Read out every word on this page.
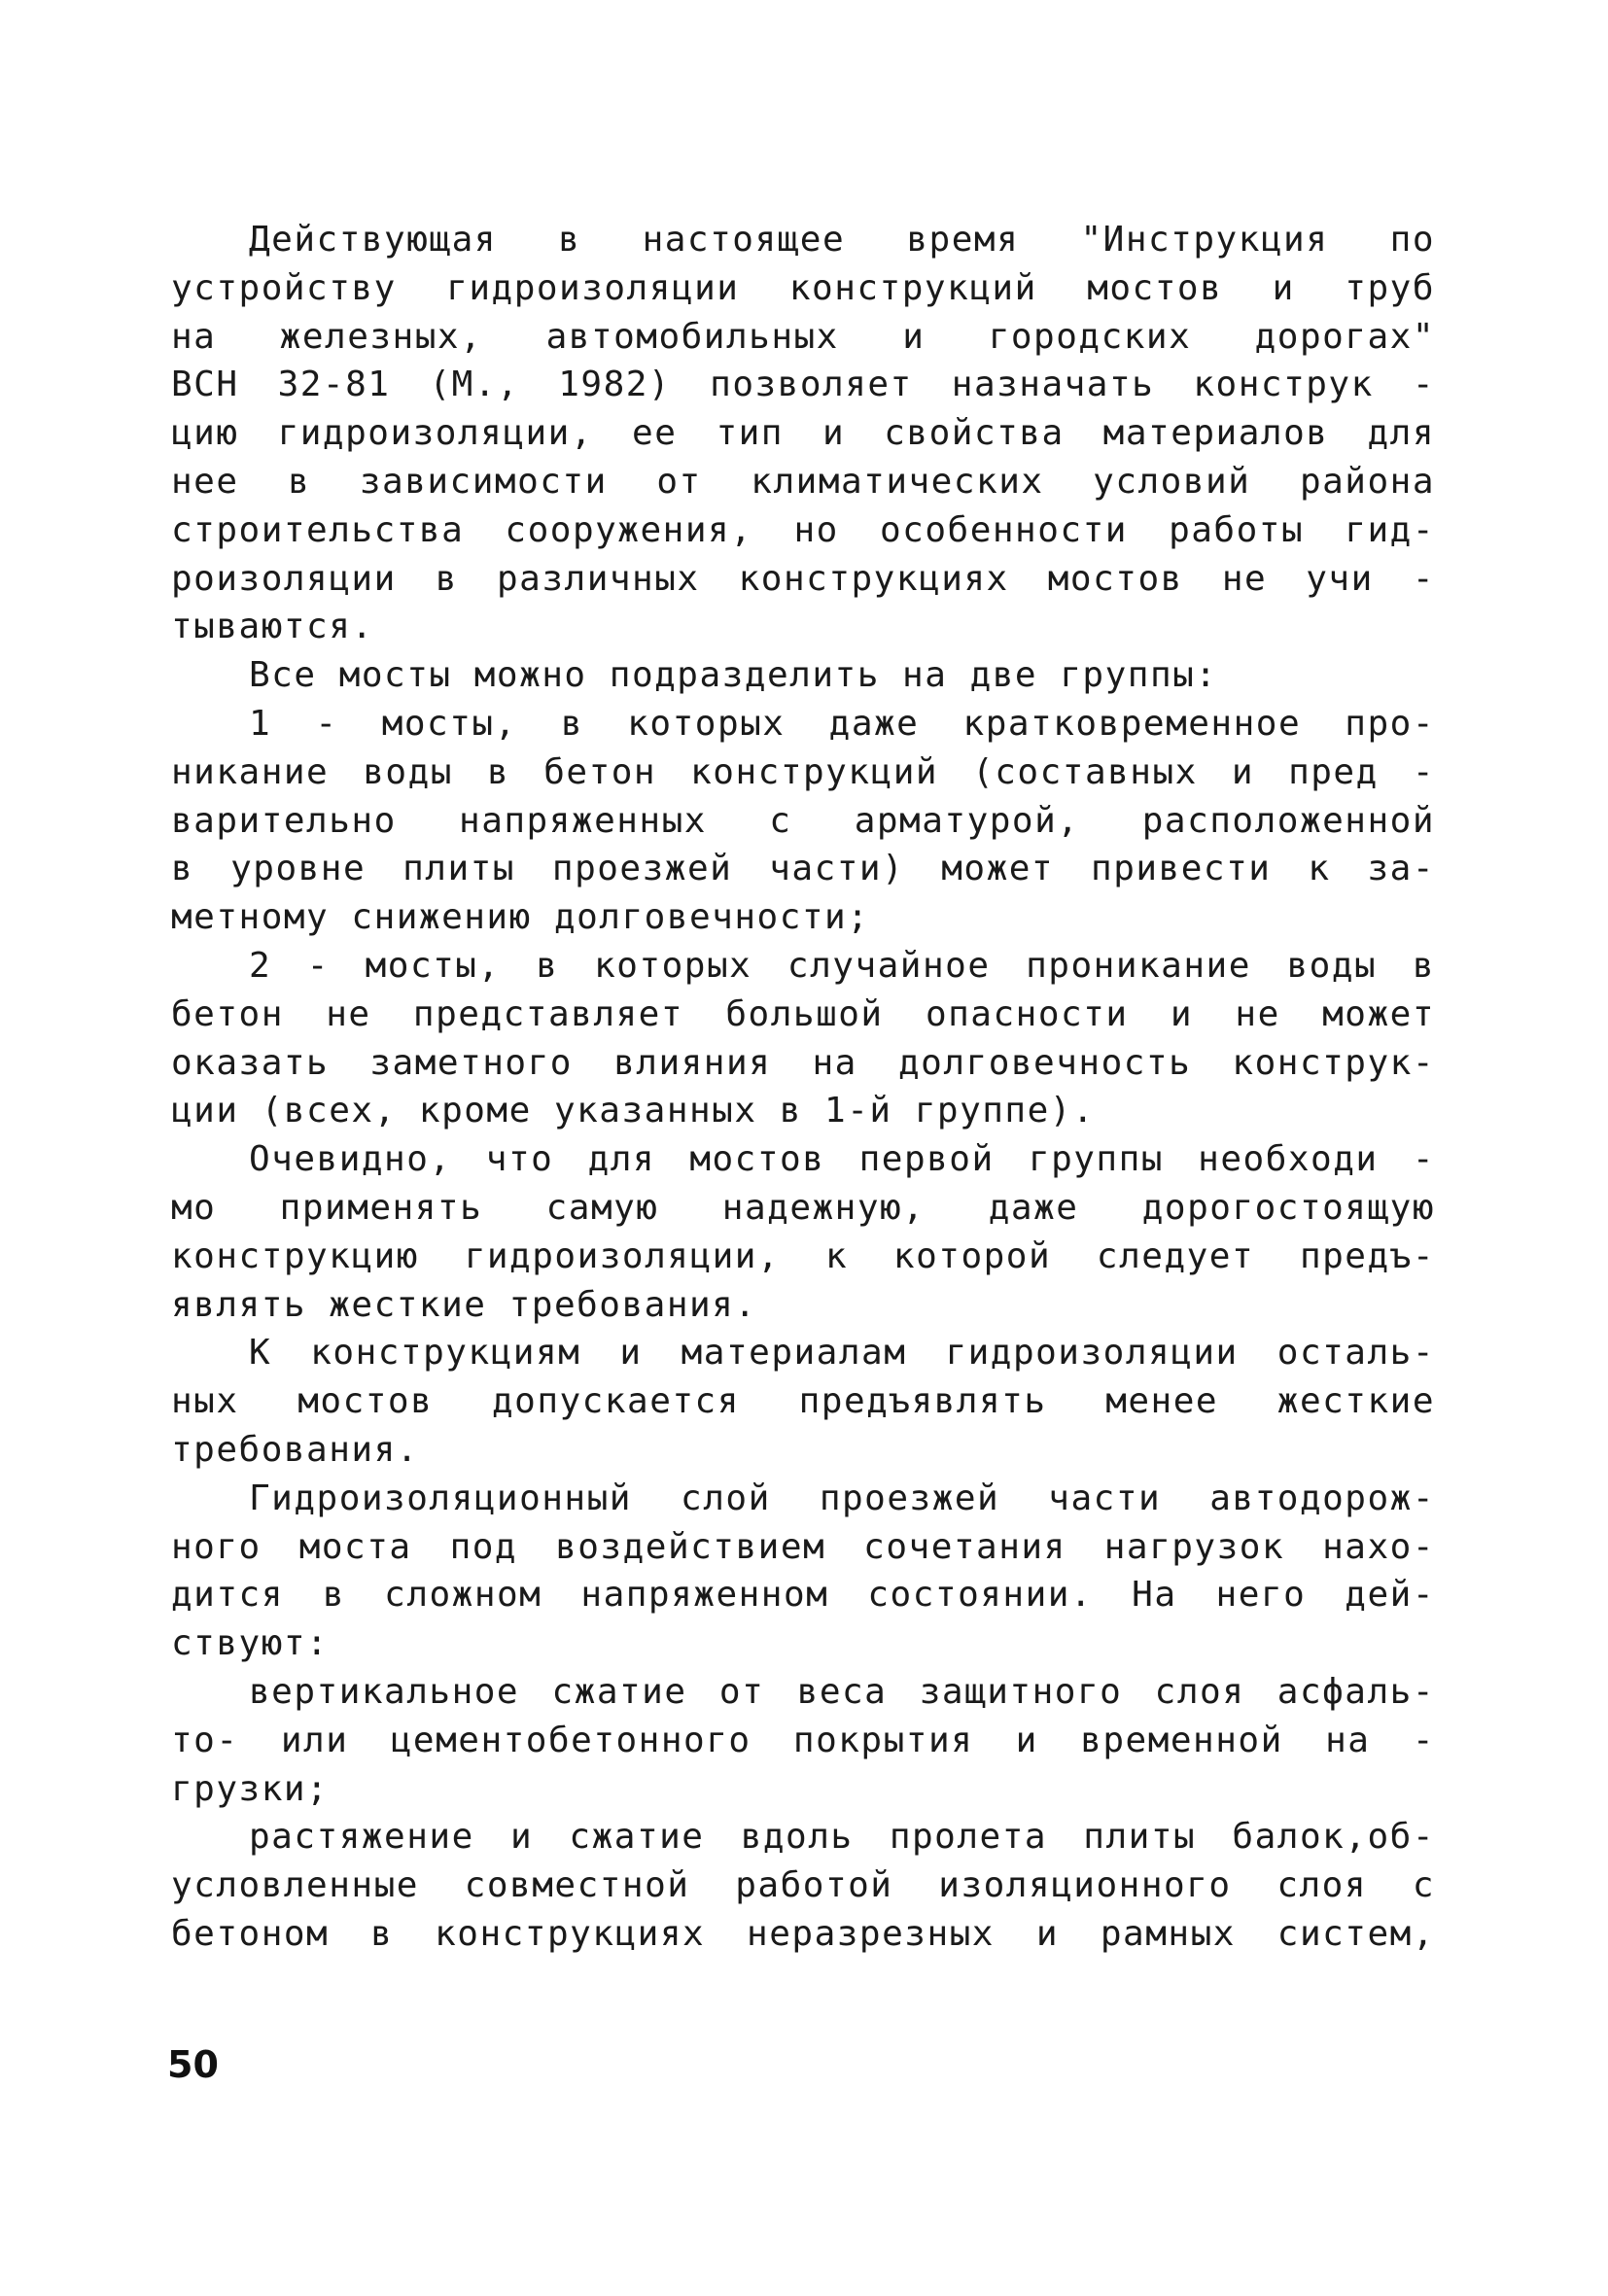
Действующая в настоящее время "Инструкция по
устройству гидроизоляции конструкций мостов и труб
на железных, автомобильных и городских дорогах"
ВСН 32-81 (М., 1982) позволяет назначать конструк -
цию гидроизоляции, ее тип и свойства материалов для
нее в зависимости от климатических условий района
строительства сооружения, но особенности работы гид-
роизоляции в различных конструкциях мостов не учи -
тываются.
Все мосты можно подразделить на две группы:
1 - мосты, в которых даже кратковременное про-
никание воды в бетон конструкций (составных и пред -
варительно напряженных с арматурой, расположенной
в уровне плиты проезжей части) может привести к за-
метному снижению долговечности;
2 - мосты, в которых случайное проникание воды в
бетон не представляет большой опасности и не может
оказать заметного влияния на долговечность конструк-
ции (всех, кроме указанных в 1-й группе).
Очевидно, что для мостов первой группы необходи -
мо применять самую надежную, даже дорогостоящую
конструкцию гидроизоляции, к которой следует предъ-
являть жесткие требования.
К конструкциям и материалам гидроизоляции осталь-
ных мостов допускается предъявлять менее жесткие
требования.
Гидроизоляционный слой проезжей части автодорож-
ного моста под воздействием сочетания нагрузок нахо-
дится в сложном напряженном состоянии. На него дей-
ствуют:
вертикальное сжатие от веса защитного слоя асфаль-
то- или цементобетонного покрытия и временной на -
грузки;
растяжение и сжатие вдоль пролета плиты балок,об-
условленные совместной работой изоляционного слоя с
бетоном в конструкциях неразрезных и рамных систем,
50
